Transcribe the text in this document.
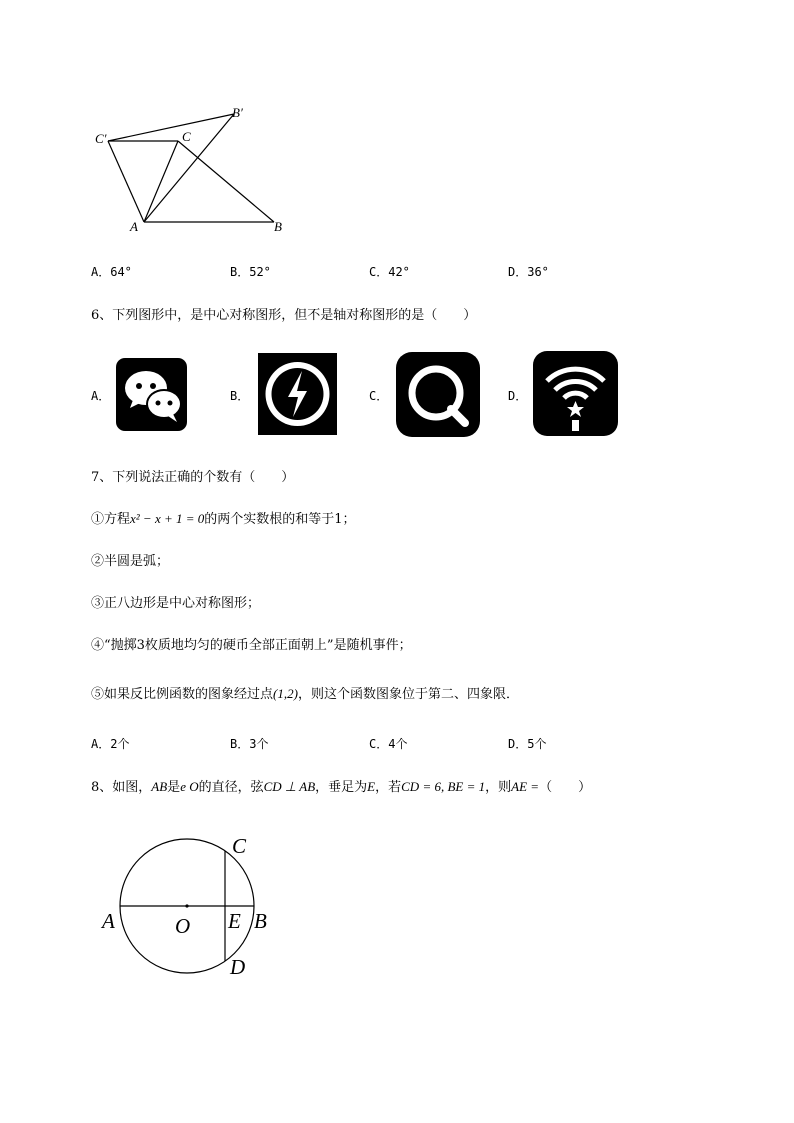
C′	C
B′
A	B
A．64°	B．52°	C．42°	D．36°
6、下列图形中，是中心对称图形，但不是轴对称图形的是（　　）
A．	B．	C．	D．
7、下列说法正确的个数有（　　）
①方程x² − x + 1 = 0的两个实数根的和等于1；
②半圆是弧；
③正八边形是中心对称图形；
④“抛掷3枚质地均匀的硬币全部正面朝上”是随机事件；
⑤如果反比例函数的图象经过点(1,2)，则这个函数图象位于第二、四象限．
A．2个	B．3个	C．4个	D．5个
8、如图，AB是e O的直径，弦CD ⊥ AB，垂足为E，若CD = 6, BE = 1，则AE =（　　）
C
A	O E B
D
